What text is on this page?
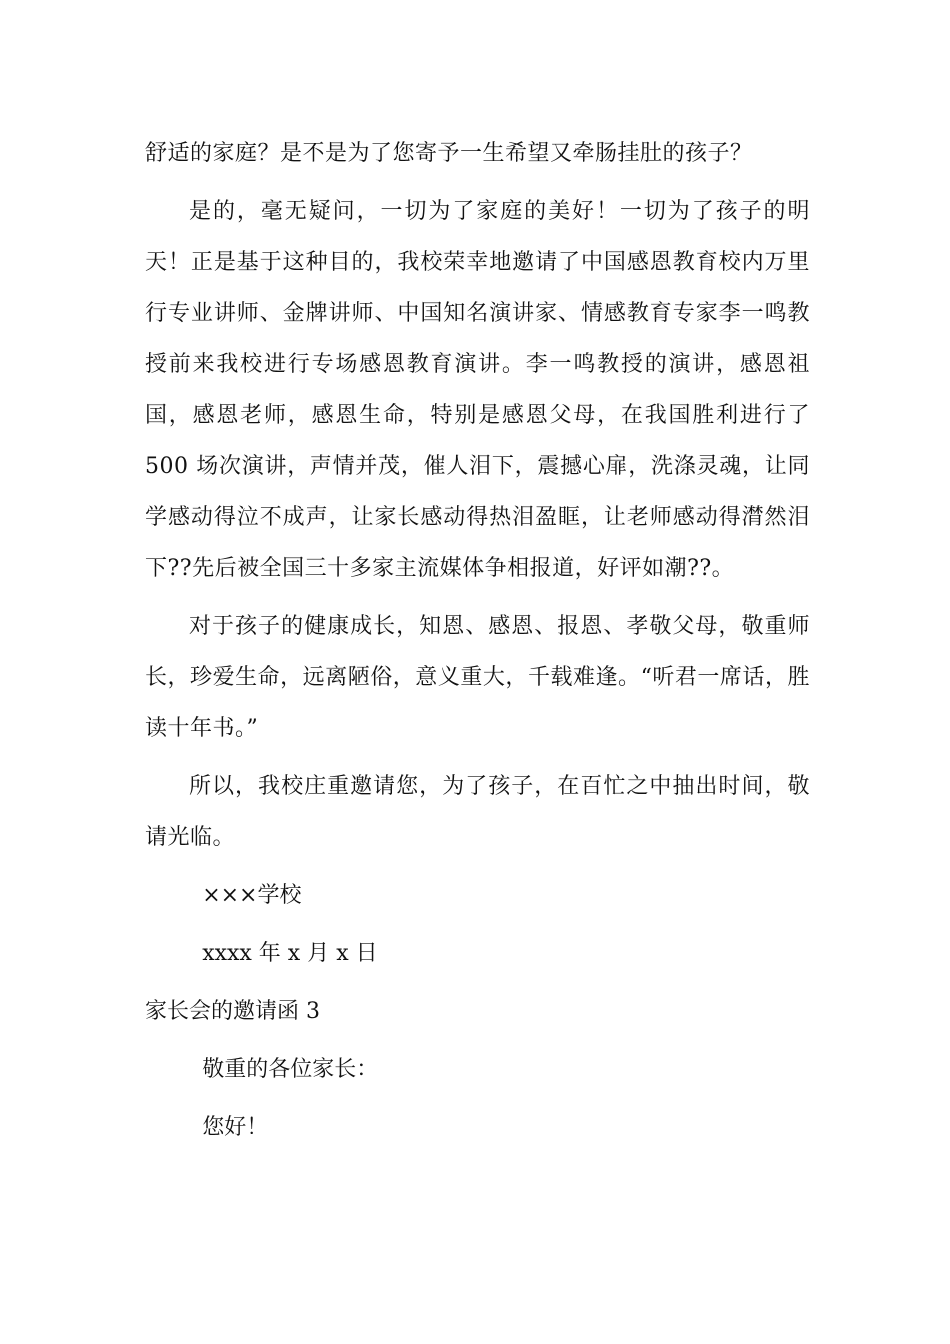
舒适的家庭？是不是为了您寄予一生希望又牵肠挂肚的孩子？

是的，毫无疑问，一切为了家庭的美好！一切为了孩子的明天！正是基于这种目的，我校荣幸地邀请了中国感恩教育校内万里行专业讲师、金牌讲师、中国知名演讲家、情感教育专家李一鸣教授前来我校进行专场感恩教育演讲。李一鸣教授的演讲，感恩祖国，感恩老师，感恩生命，特别是感恩父母，在我国胜利进行了 500 场次演讲，声情并茂，催人泪下，震撼心扉，洗涤灵魂，让同学感动得泣不成声，让家长感动得热泪盈眶，让老师感动得潸然泪下??先后被全国三十多家主流媒体争相报道，好评如潮??。

对于孩子的健康成长，知恩、感恩、报恩、孝敬父母，敬重师长，珍爱生命，远离陋俗，意义重大，千载难逢。“听君一席话，胜读十年书。”

所以，我校庄重邀请您，为了孩子，在百忙之中抽出时间，敬请光临。

×××学校
xxxx 年 x 月 x 日
家长会的邀请函 3
敬重的各位家长：
您好！
